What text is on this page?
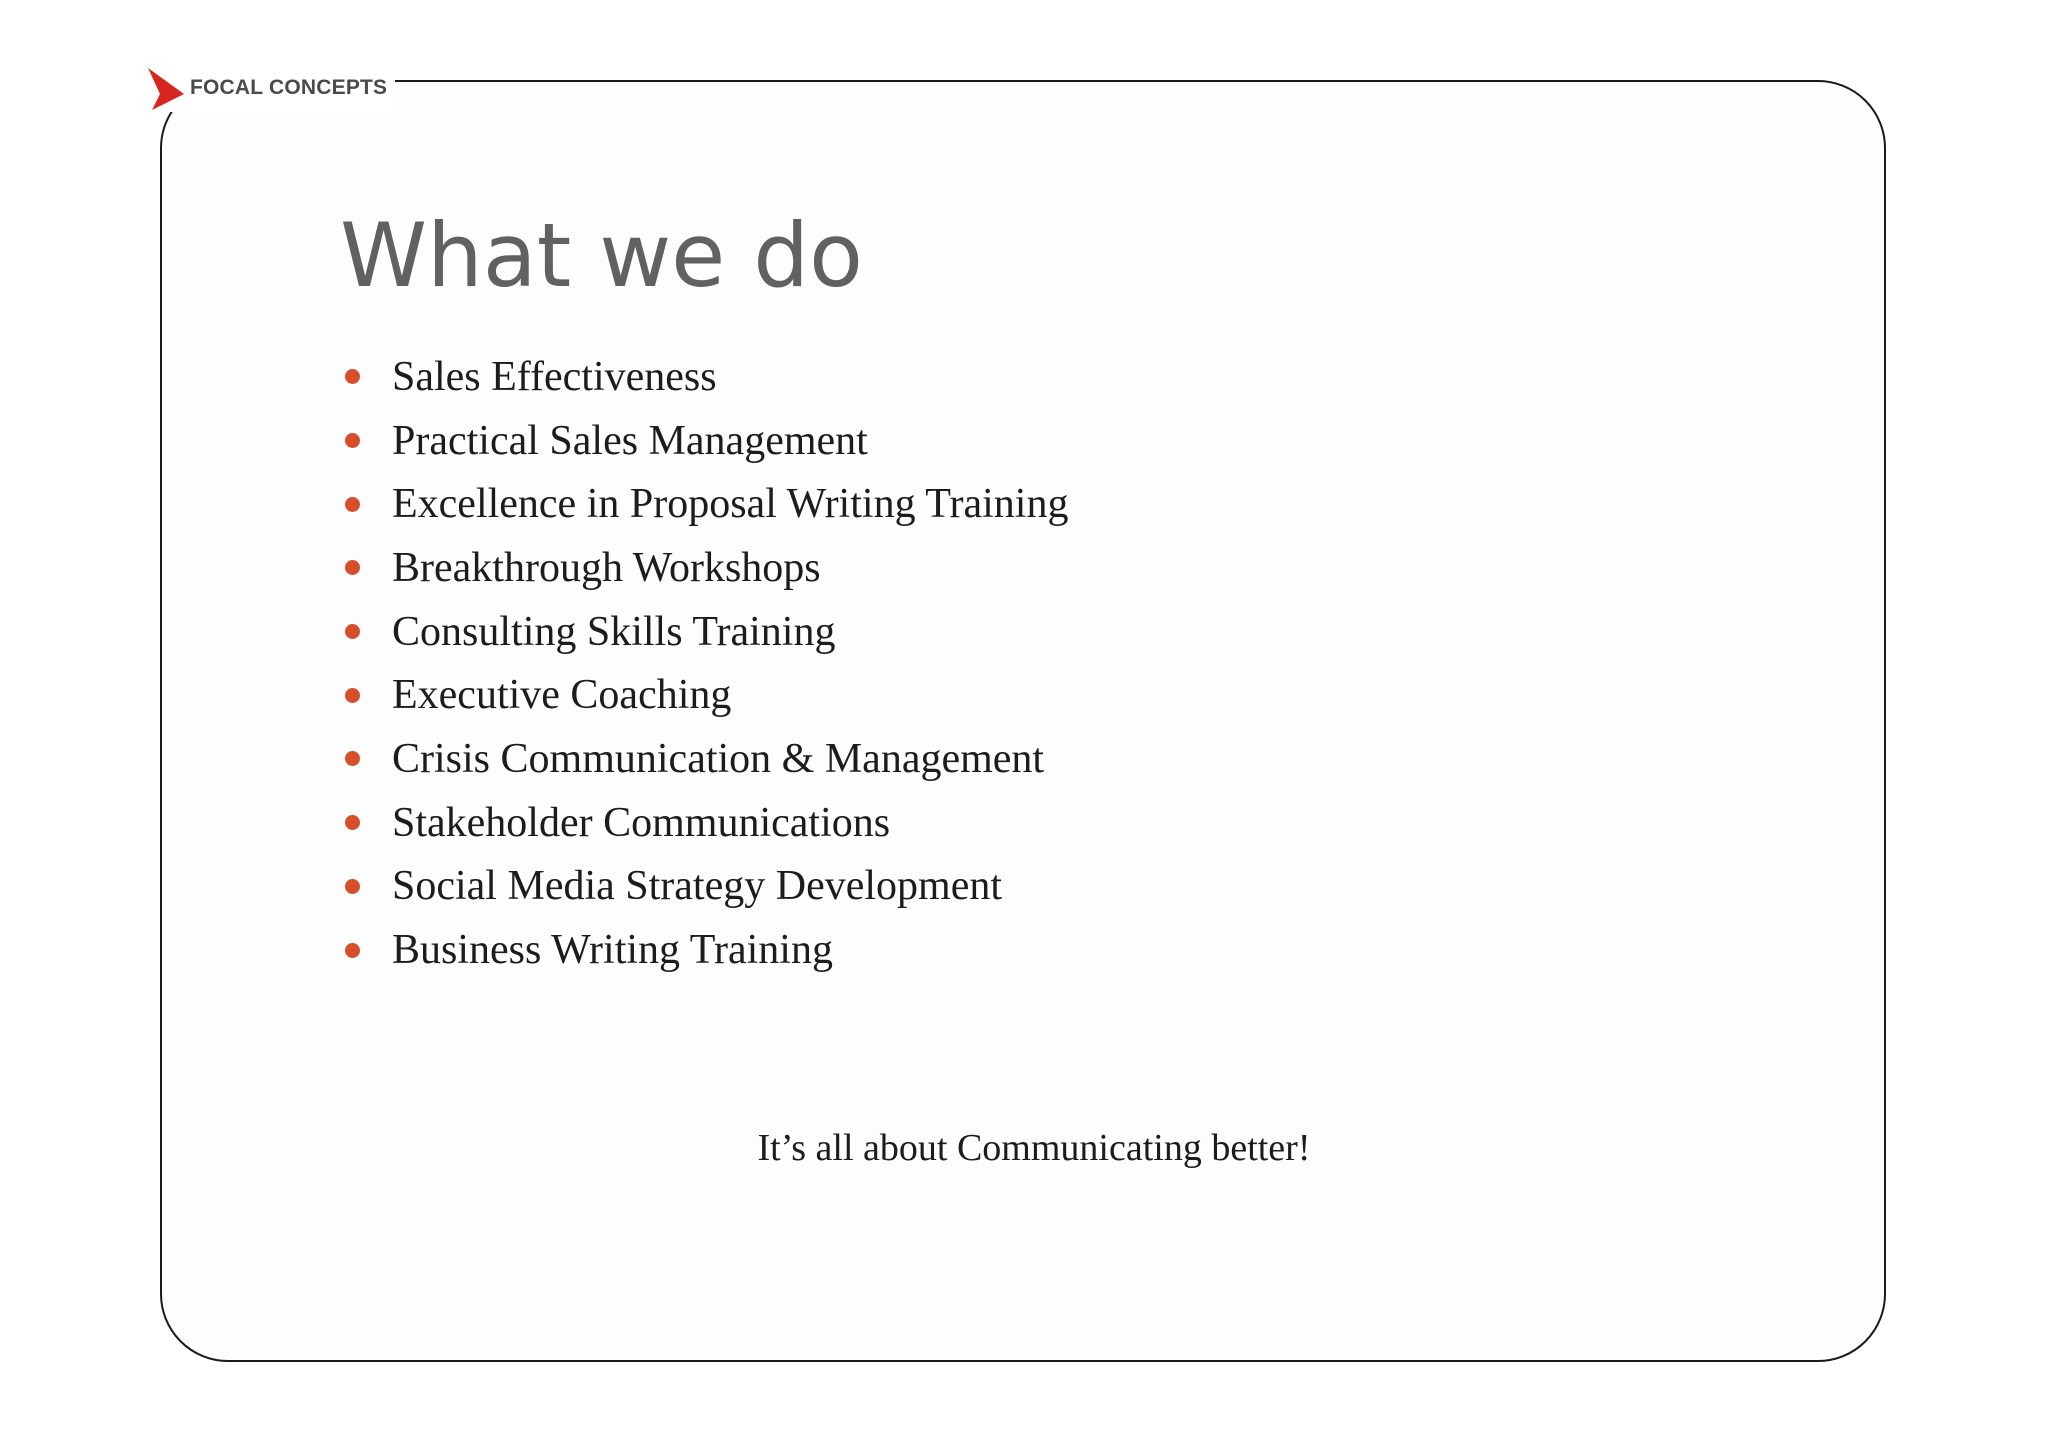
FOCAL CONCEPTS
What we do
Sales Effectiveness
Practical Sales Management
Excellence in Proposal Writing Training
Breakthrough Workshops
Consulting Skills Training
Executive Coaching
Crisis Communication & Management
Stakeholder Communications
Social Media Strategy Development
Business Writing Training
It’s all about Communicating better!
